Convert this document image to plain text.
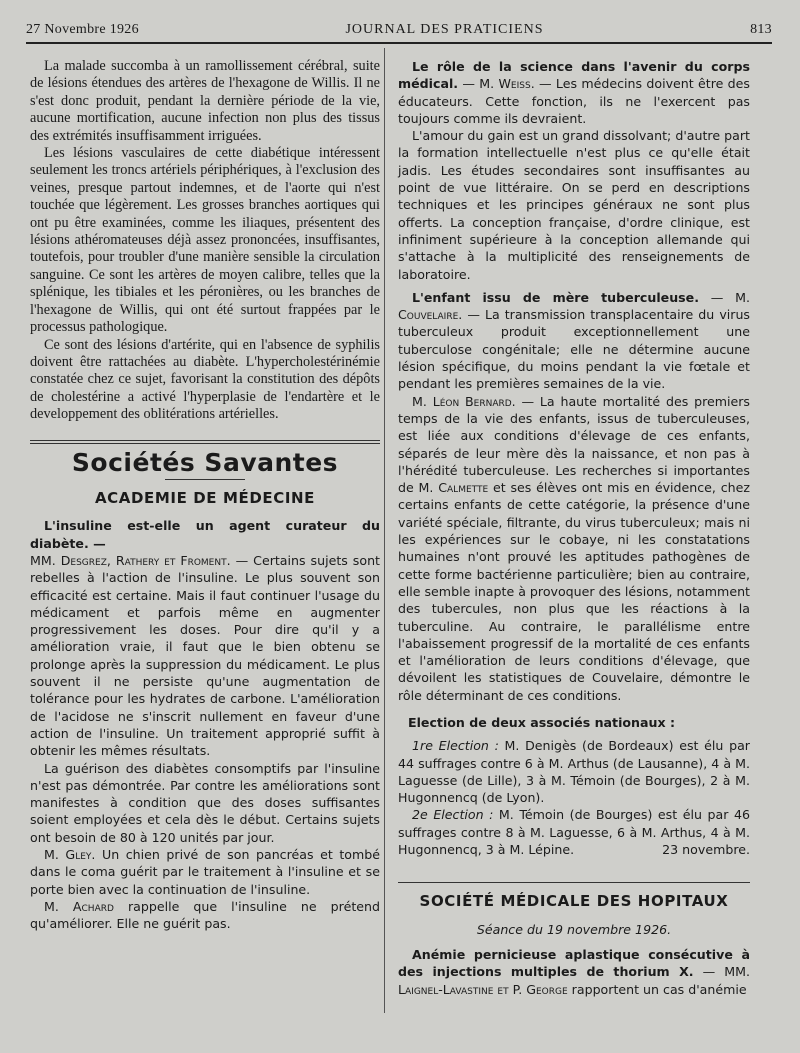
27 Novembre 1926	JOURNAL DES PRATICIENS	813

La malade succomba à un ramollissement cérébral, suite de lésions étendues des artères de l'hexagone de Willis. Il ne s'est donc produit, pendant la dernière période de la vie, aucune mortification, aucune infection non plus des tissus des extrémités insuffisamment irriguées.

Les lésions vasculaires de cette diabétique intéressent seulement les troncs artériels périphériques, à l'exclusion des veines, presque partout indemnes, et de l'aorte qui n'est touchée que légèrement. Les grosses branches aortiques qui ont pu être examinées, comme les iliaques, présentent des lésions athéromateuses déjà assez prononcées, insuffisantes, toutefois, pour troubler d'une manière sensible la circulation sanguine. Ce sont les artères de moyen calibre, telles que la splénique, les tibiales et les péronières, ou les branches de l'hexagone de Willis, qui ont été surtout frappées par le processus pathologique.

Ce sont des lésions d'artérite, qui en l'absence de syphilis doivent être rattachées au diabète. L'hypercholestérinémie constatée chez ce sujet, favorisant la constitution des dépôts de cholestérine a activé l'hyperplasie de l'endartère et le developpement des oblitérations artérielles.

Sociétés Savantes
ACADEMIE DE MÉDECINE

L'insuline est-elle un agent curateur du diabète. —

MM. Desgrez, Rathery et Froment. — Certains sujets sont rebelles à l'action de l'insuline. Le plus souvent son efficacité est certaine. Mais il faut continuer l'usage du médicament et parfois même en augmenter progressivement les doses. Pour dire qu'il y a amélioration vraie, il faut que le bien obtenu se prolonge après la suppression du médicament. Le plus souvent il ne persiste qu'une augmentation de tolérance pour les hydrates de carbone. L'amélioration de l'acidose ne s'inscrit nullement en faveur d'une action de l'insuline. Un traitement approprié suffit à obtenir les mêmes résultats.

La guérison des diabètes consomptifs par l'insuline n'est pas démontrée. Par contre les améliorations sont manifestes à condition que des doses suffisantes soient employées et cela dès le début. Certains sujets ont besoin de 80 à 120 unités par jour.

M. Gley. Un chien privé de son pancréas et tombé dans le coma guérit par le traitement à l'insuline et se porte bien avec la continuation de l'insuline.

M. Achard rappelle que l'insuline ne prétend qu'améliorer. Elle ne guérit pas.

Le rôle de la science dans l'avenir du corps médical. — M. Weiss. — Les médecins doivent être des éducateurs. Cette fonction, ils ne l'exercent pas toujours comme ils devraient.

L'amour du gain est un grand dissolvant; d'autre part la formation intellectuelle n'est plus ce qu'elle était jadis. Les études secondaires sont insuffisantes au point de vue littéraire. On se perd en descriptions techniques et les principes généraux ne sont plus offerts. La conception française, d'ordre clinique, est infiniment supérieure à la conception allemande qui s'attache à la multiplicité des renseignements de laboratoire.

L'enfant issu de mère tuberculeuse. — M. Couvelaire. — La transmission transplacentaire du virus tuberculeux produit exceptionnellement une tuberculose congénitale; elle ne détermine aucune lésion spécifique, du moins pendant la vie fœtale et pendant les premières semaines de la vie.

M. Léon Bernard. — La haute mortalité des premiers temps de la vie des enfants, issus de tuberculeuses, est liée aux conditions d'élevage de ces enfants, séparés de leur mère dès la naissance, et non pas à l'hérédité tuberculeuse. Les recherches si importantes de M. Calmette et ses élèves ont mis en évidence, chez certains enfants de cette catégorie, la présence d'une variété spéciale, filtrante, du virus tuberculeux; mais ni les expériences sur le cobaye, ni les constatations humaines n'ont prouvé les aptitudes pathogènes de cette forme bactérienne particulière; bien au contraire, elle semble inapte à provoquer des lésions, notamment des tubercules, non plus que les réactions à la tuberculine. Au contraire, le parallélisme entre l'abaissement progressif de la mortalité de ces enfants et l'amélioration de leurs conditions d'élevage, que dévoilent les statistiques de Couvelaire, démontre le rôle déterminant de ces conditions.

Election de deux associés nationaux :

1re Election : M. Denigès (de Bordeaux) est élu par 44 suffrages contre 6 à M. Arthus (de Lausanne), 4 à M. Laguesse (de Lille), 3 à M. Témoin (de Bourges), 2 à M. Hugonnencq (de Lyon).

2e Election : M. Témoin (de Bourges) est élu par 46 suffrages contre 8 à M. Laguesse, 6 à M. Arthus, 4 à M. Hugonnencq, 3 à M. Lépine.	23 novembre.

SOCIÉTÉ MÉDICALE DES HOPITAUX
Séance du 19 novembre 1926.

Anémie pernicieuse aplastique consécutive à des injections multiples de thorium X. — MM. Laignel-Lavastine et P. George rapportent un cas d'anémie
